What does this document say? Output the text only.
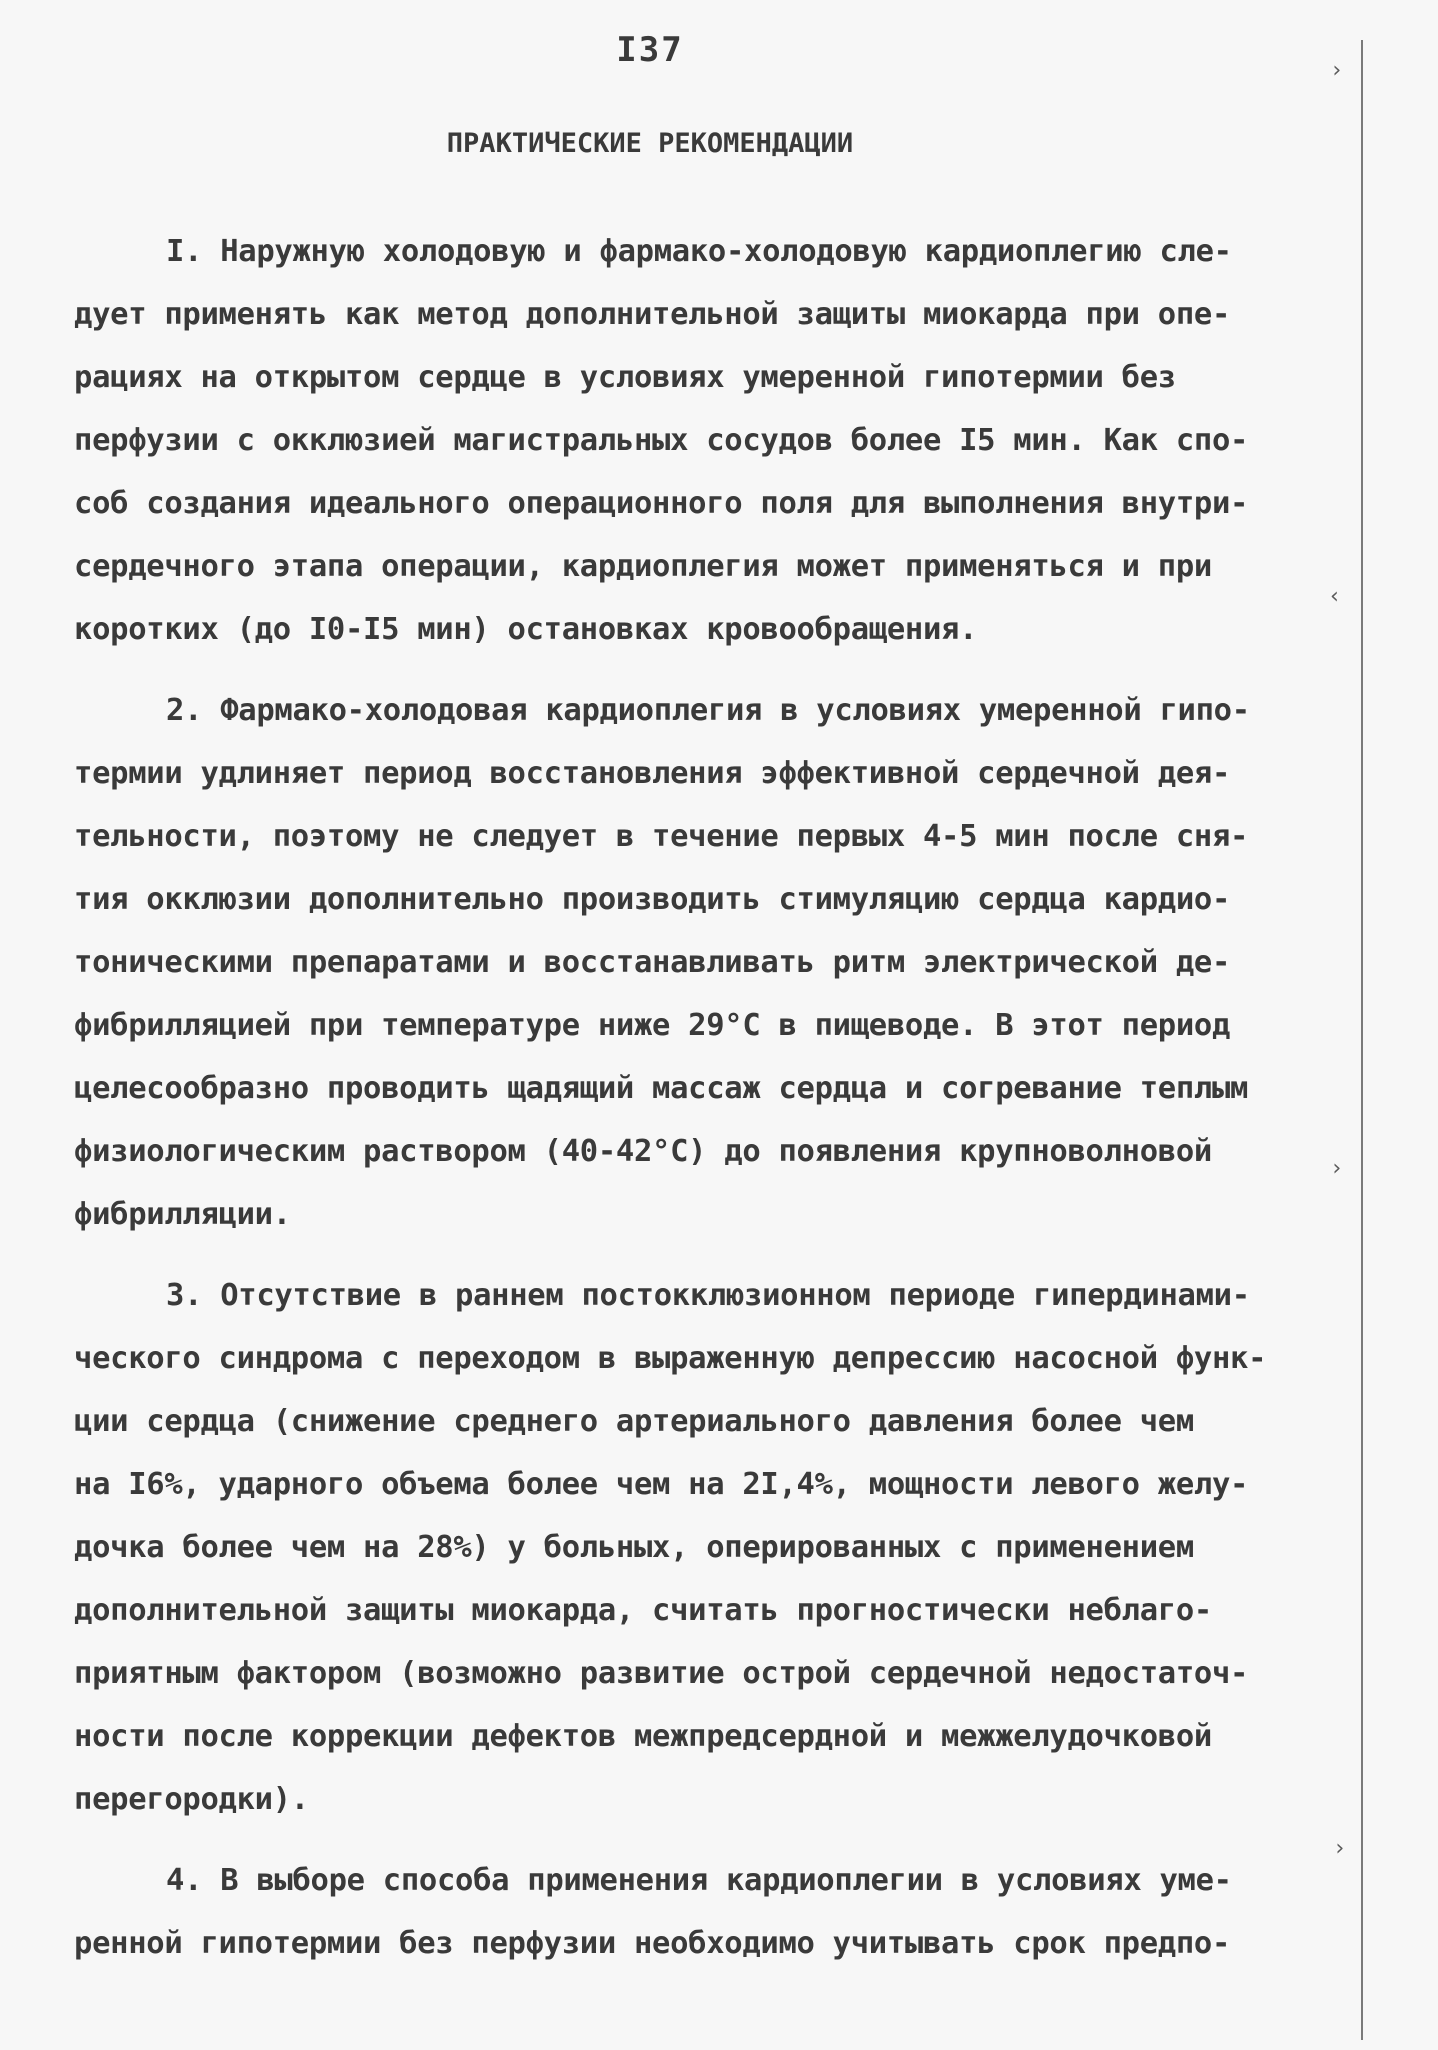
›
‹
›
›
I37
ПРАКТИЧЕСКИЕ РЕКОМЕНДАЦИИ
I. Наружную холодовую и фармако-холодовую кардиоплегию сле-
дует применять как метод дополнительной защиты миокарда при опе-
рациях на открытом сердце в условиях умеренной гипотермии без
перфузии с окклюзией магистральных сосудов более I5 мин. Как спо-
соб создания идеального операционного поля для выполнения внутри-
сердечного этапа операции, кардиоплегия может применяться и при
коротких (до I0-I5 мин) остановках кровообращения.
2. Фармако-холодовая кардиоплегия в условиях умеренной гипо-
термии удлиняет период восстановления эффективной сердечной дея-
тельности, поэтому не следует в течение первых 4-5 мин после сня-
тия окклюзии дополнительно производить стимуляцию сердца кардио-
тоническими препаратами и восстанавливать ритм электрической де-
фибрилляцией при температуре ниже 29°С в пищеводе. В этот период
целесообразно проводить щадящий массаж сердца и согревание теплым
физиологическим раствором (40-42°С) до появления крупноволновой
фибрилляции.
3. Отсутствие в раннем постокклюзионном периоде гипердинами-
ческого синдрома с переходом в выраженную депрессию насосной функ-
ции сердца (снижение среднего артериального давления более чем
на I6%, ударного объема более чем на 2I,4%, мощности левого желу-
дочка более чем на 28%) у больных, оперированных с применением
дополнительной защиты миокарда, считать прогностически неблаго-
приятным фактором (возможно развитие острой сердечной недостаточ-
ности после коррекции дефектов межпредсердной и межжелудочковой
перегородки).
4. В выборе способа применения кардиоплегии в условиях уме-
ренной гипотермии без перфузии необходимо учитывать срок предпо-
